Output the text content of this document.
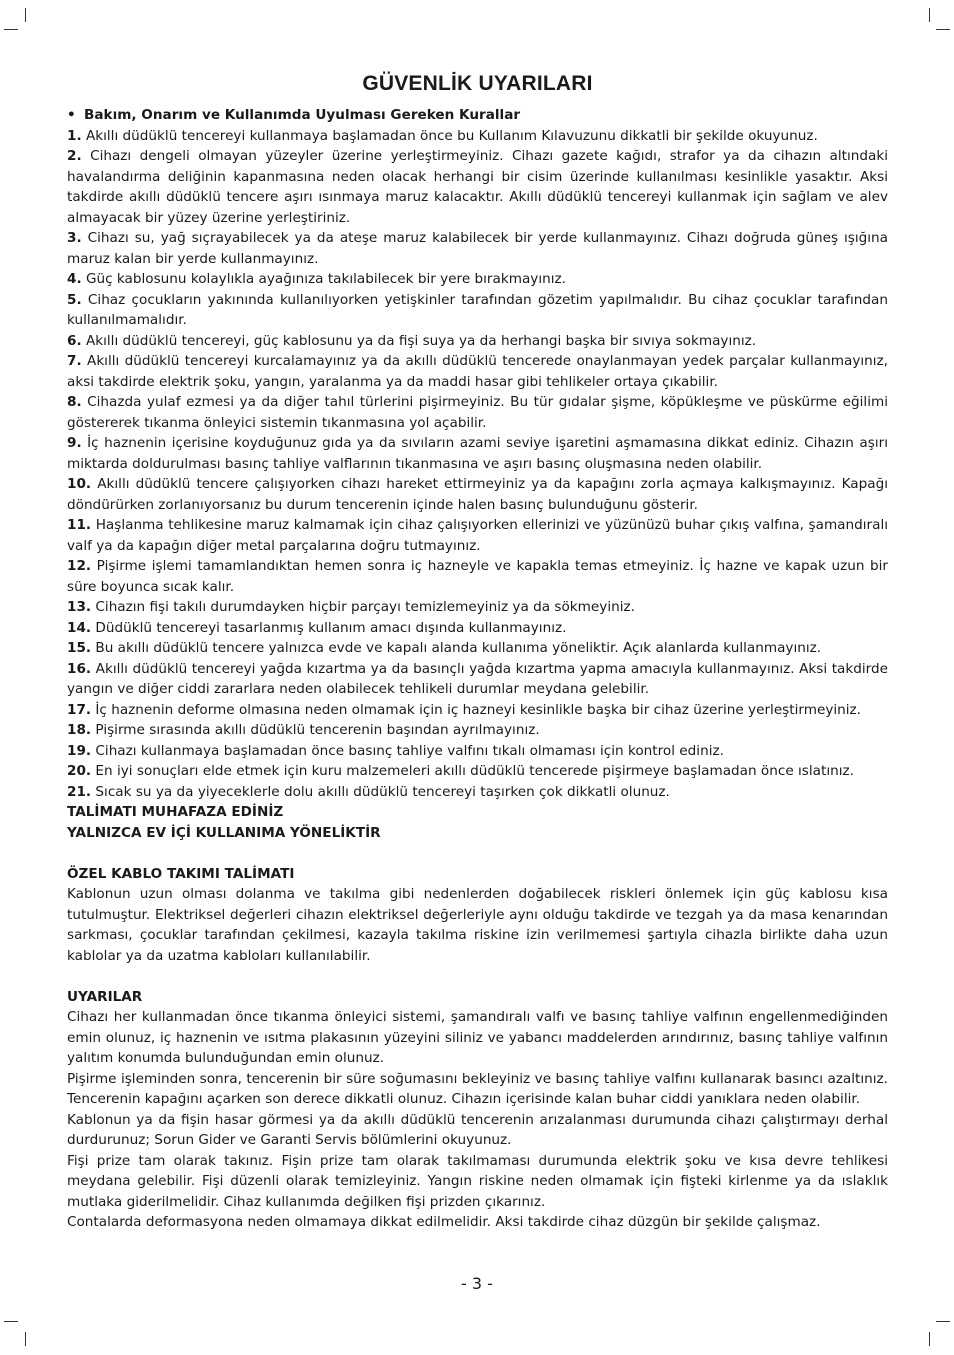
GÜVENLİK UYARILARI

• Bakım, Onarım ve Kullanımda Uyulması Gereken Kurallar

1. Akıllı düdüklü tencereyi kullanmaya başlamadan önce bu Kullanım Kılavuzunu dikkatli bir şekilde okuyunuz.

2. Cihazı dengeli olmayan yüzeyler üzerine yerleştirmeyiniz. Cihazı gazete kağıdı, strafor ya da cihazın altındaki havalandırma deliğinin kapanmasına neden olacak herhangi bir cisim üzerinde kullanılması kesinlikle yasaktır. Aksi takdirde akıllı düdüklü tencere aşırı ısınmaya maruz kalacaktır. Akıllı düdüklü tencereyi kullanmak için sağlam ve alev almayacak bir yüzey üzerine yerleştiriniz.

3. Cihazı su, yağ sıçrayabilecek ya da ateşe maruz kalabilecek bir yerde kullanmayınız. Cihazı doğruda güneş ışığına maruz kalan bir yerde kullanmayınız.

4. Güç kablosunu kolaylıkla ayağınıza takılabilecek bir yere bırakmayınız.

5. Cihaz çocukların yakınında kullanılıyorken yetişkinler tarafından gözetim yapılmalıdır. Bu cihaz çocuklar tarafından kullanılmamalıdır.

6. Akıllı düdüklü tencereyi, güç kablosunu ya da fişi suya ya da herhangi başka bir sıvıya sokmayınız.

7. Akıllı düdüklü tencereyi kurcalamayınız ya da akıllı düdüklü tencerede onaylanmayan yedek parçalar kullanmayınız, aksi takdirde elektrik şoku, yangın, yaralanma ya da maddi hasar gibi tehlikeler ortaya çıkabilir.

8. Cihazda yulaf ezmesi ya da diğer tahıl türlerini pişirmeyiniz. Bu tür gıdalar şişme, köpükleşme ve püskürme eğilimi göstererek tıkanma önleyici sistemin tıkanmasına yol açabilir.

9. İç haznenin içerisine koyduğunuz gıda ya da sıvıların azami seviye işaretini aşmamasına dikkat ediniz. Cihazın aşırı miktarda doldurulması basınç tahliye valflarının tıkanmasına ve aşırı basınç oluşmasına neden olabilir.

10. Akıllı düdüklü tencere çalışıyorken cihazı hareket ettirmeyiniz ya da kapağını zorla açmaya kalkışmayınız. Kapağı döndürürken zorlanıyorsanız bu durum tencerenin içinde halen basınç bulunduğunu gösterir.

11. Haşlanma tehlikesine maruz kalmamak için cihaz çalışıyorken ellerinizi ve yüzünüzü buhar çıkış valfına, şamandıralı valf ya da kapağın diğer metal parçalarına doğru tutmayınız.

12. Pişirme işlemi tamamlandıktan hemen sonra iç hazneyle ve kapakla temas etmeyiniz. İç hazne ve kapak uzun bir süre boyunca sıcak kalır.

13. Cihazın fişi takılı durumdayken hiçbir parçayı temizlemeyiniz ya da sökmeyiniz.

14. Düdüklü tencereyi tasarlanmış kullanım amacı dışında kullanmayınız.

15. Bu akıllı düdüklü tencere yalnızca evde ve kapalı alanda kullanıma yöneliktir. Açık alanlarda kullanmayınız.

16. Akıllı düdüklü tencereyi yağda kızartma ya da basınçlı yağda kızartma yapma amacıyla kullanmayınız. Aksi takdirde yangın ve diğer ciddi zararlara neden olabilecek tehlikeli durumlar meydana gelebilir.

17. İç haznenin deforme olmasına neden olmamak için iç hazneyi kesinlikle başka bir cihaz üzerine yerleştirmeyiniz.

18. Pişirme sırasında akıllı düdüklü tencerenin başından ayrılmayınız.

19. Cihazı kullanmaya başlamadan önce basınç tahliye valfını tıkalı olmaması için kontrol ediniz.

20. En iyi sonuçları elde etmek için kuru malzemeleri akıllı düdüklü tencerede pişirmeye başlamadan önce ıslatınız.

21. Sıcak su ya da yiyeceklerle dolu akıllı düdüklü tencereyi taşırken çok dikkatli olunuz.

TALİMATI MUHAFAZA EDİNİZ

YALNIZCA EV İÇİ KULLANIMA YÖNELİKTİR

ÖZEL KABLO TAKIMI TALİMATI

Kablonun uzun olması dolanma ve takılma gibi nedenlerden doğabilecek riskleri önlemek için güç kablosu kısa tutulmuştur. Elektriksel değerleri cihazın elektriksel değerleriyle aynı olduğu takdirde ve tezgah ya da masa kenarından sarkması, çocuklar tarafından çekilmesi, kazayla takılma riskine izin verilmemesi şartıyla cihazla birlikte daha uzun kablolar ya da uzatma kabloları kullanılabilir.

UYARILAR

Cihazı her kullanmadan önce tıkanma önleyici sistemi, şamandıralı valfı ve basınç tahliye valfının engellenmediğinden emin olunuz, iç haznenin ve ısıtma plakasının yüzeyini siliniz ve yabancı maddelerden arındırınız, basınç tahliye valfının yalıtım konumda bulunduğundan emin olunuz.

Pişirme işleminden sonra, tencerenin bir süre soğumasını bekleyiniz ve basınç tahliye valfını kullanarak basıncı azaltınız. Tencerenin kapağını açarken son derece dikkatli olunuz. Cihazın içerisinde kalan buhar ciddi yanıklara neden olabilir.

Kablonun ya da fişin hasar görmesi ya da akıllı düdüklü tencerenin arızalanması durumunda cihazı çalıştırmayı derhal durdurunuz; Sorun Gider ve Garanti Servis bölümlerini okuyunuz.

Fişi prize tam olarak takınız. Fişin prize tam olarak takılmaması durumunda elektrik şoku ve kısa devre tehlikesi meydana gelebilir. Fişi düzenli olarak temizleyiniz. Yangın riskine neden olmamak için fişteki kirlenme ya da ıslaklık mutlaka giderilmelidir. Cihaz kullanımda değilken fişi prizden çıkarınız.

Contalarda deformasyona neden olmamaya dikkat edilmelidir. Aksi takdirde cihaz düzgün bir şekilde çalışmaz.

- 3 -
